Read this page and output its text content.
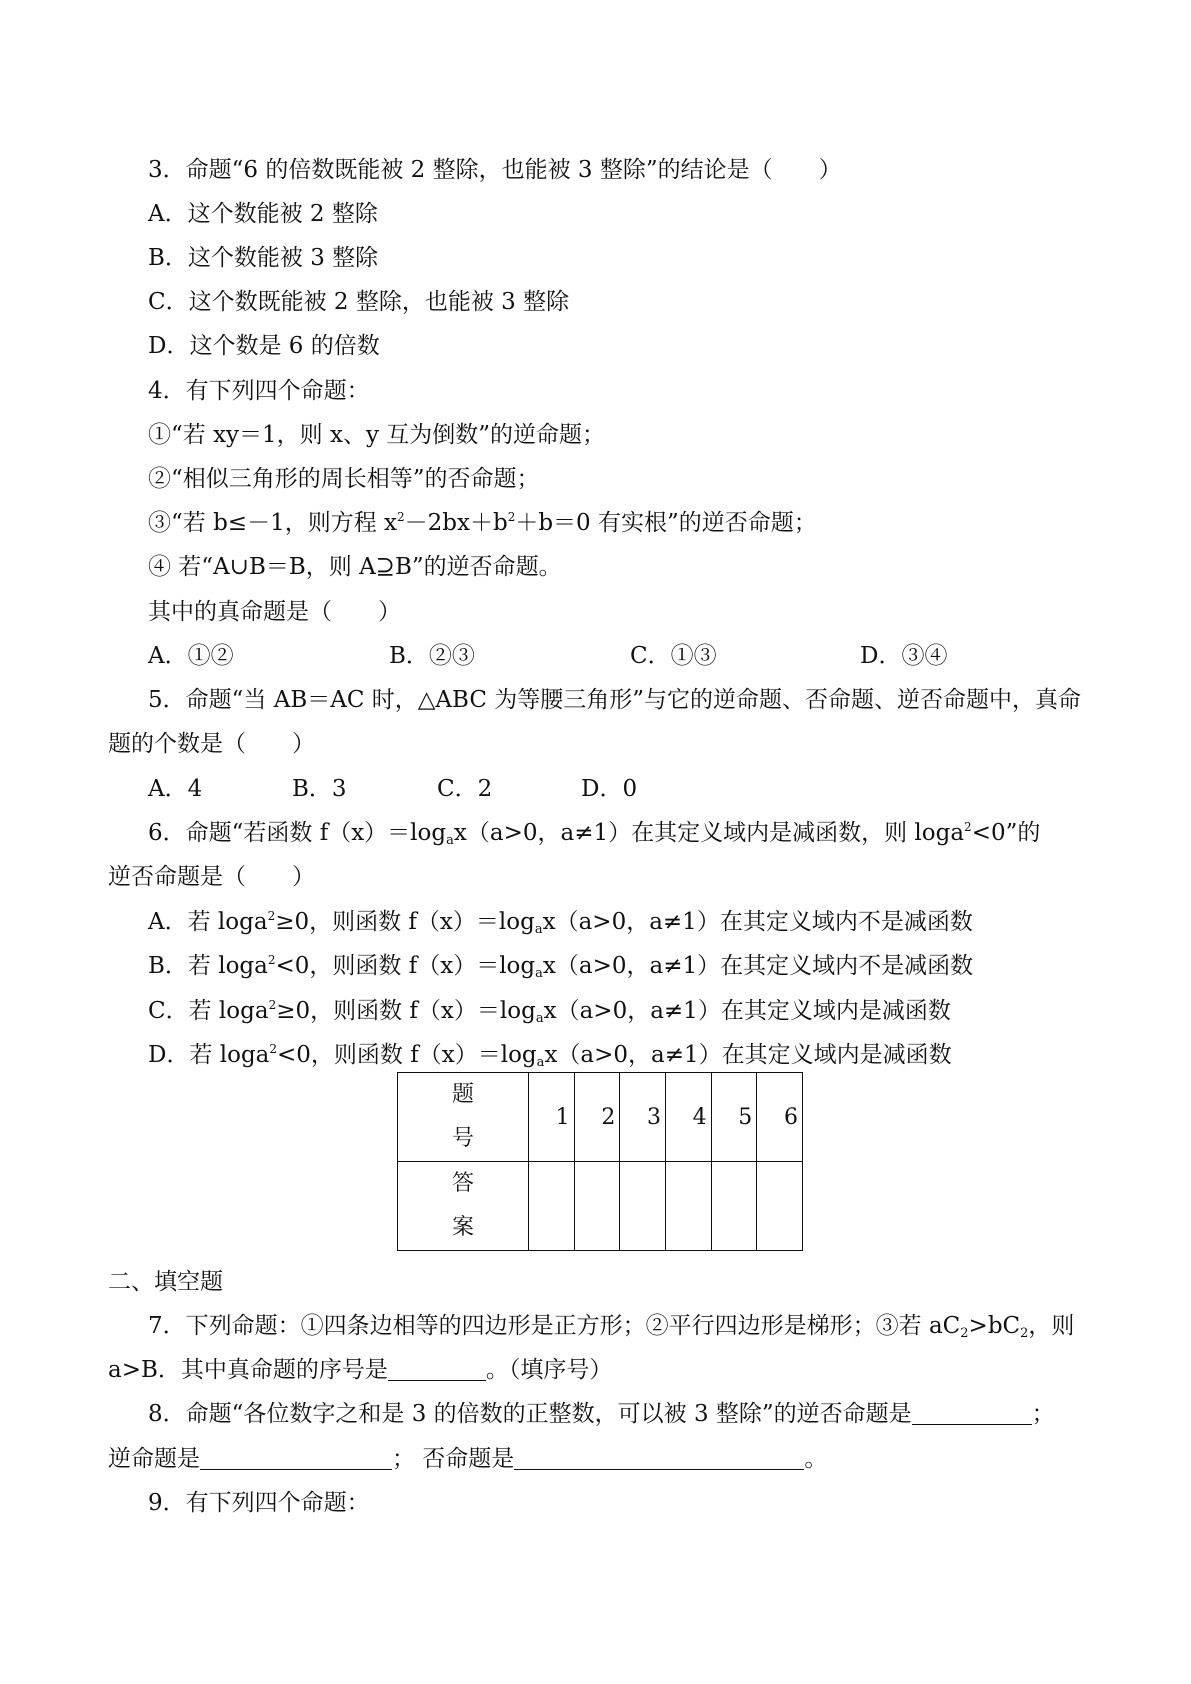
3．命题“6 的倍数既能被 2 整除，也能被 3 整除”的结论是（　　）
A．这个数能被 2 整除
B．这个数能被 3 整除
C．这个数既能被 2 整除，也能被 3 整除
D．这个数是 6 的倍数
4．有下列四个命题：
①“若 xy＝1，则 x、y 互为倒数”的逆命题；
②“相似三角形的周长相等”的否命题；
③“若 b≤－1，则方程 $x^2-2bx+b^2+b=0$ 有实根”的逆否命题；
④ 若“A∪B＝B，则 A⊇B”的逆否命题。
其中的真命题是（　　）
A．①②	B．②③	C．①③	D．③④
5．命题“当 AB＝AC 时，△ABC 为等腰三角形”与它的逆命题、否命题、逆否命题中，真命
题的个数是（　　）
A．4	B．3	C．2	D．0
6．命题“若函数 $f(x)=\log_ax(a>0$，a≠1）在其定义域内是减函数，则 loga$^2$<0”的
逆否命题是（　　）
A．若 loga$^2$≥0，则函数 $f(x)=\log_ax(a>0$，a≠1）在其定义域内不是减函数
B．若 loga$^2$<0，则函数 $f(x)=\log_ax(a>0$，a≠1）在其定义域内不是减函数
C．若 loga$^2$≥0，则函数 $f(x)=\log_ax(a>0$，a≠1）在其定义域内是减函数
D．若 loga$^2$<0，则函数 $f(x)=\log_ax(a>0$，a≠1）在其定义域内是减函数
题
号	1	2	3	4	5	6
答
案						
二、填空题
7．下列命题：①四条边相等的四边形是正方形；②平行四边形是梯形；③若 $aC_2>bC_2$，则
a>B．其中真命题的序号是	。（填序号）
8．命题“各位数字之和是 3 的倍数的正整数，可以被 3 整除”的逆否命题是	；
逆命题是	； 否命题是	。
9．有下列四个命题：
